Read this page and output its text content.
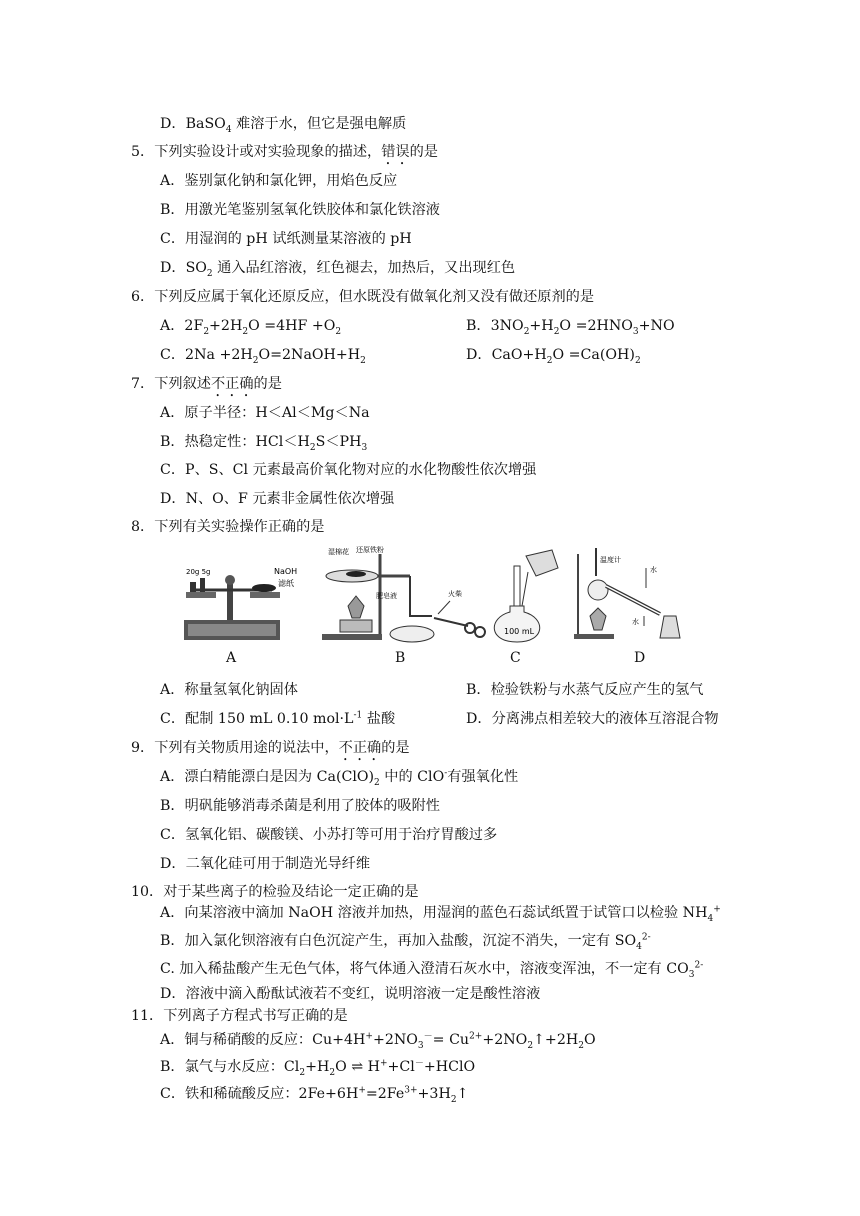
D．BaSO$_4$ 难溶于水，但它是强电解质
5．下列实验设计或对实验现象的描述，错误的是
A．鉴别氯化钠和氯化钾，用焰色反应
B．用激光笔鉴别氢氧化铁胶体和氯化铁溶液
C．用湿润的 pH 试纸测量某溶液的 pH
D．$SO_2$ 通入品红溶液，红色褪去，加热后，又出现红色
6．下列反应属于氧化还原反应，但水既没有做氧化剂又没有做还原剂的是
A．$2F_2+2H_2O =4HF +O_2$	B．$3NO_2+H_2O =2HNO_3+NO$
C．$2Na +2H_2O=2NaOH+H_2$	D．$CaO+H_2O =Ca(OH)_2$
7．下列叙述不正确的是
A．原子半径：H＜Al＜Mg＜Na
B．热稳定性：$HCl<H_2S<PH_3$
C．P、S、Cl 元素最高价氧化物对应的水化物酸性依次增强
D．N、O、F 元素非金属性依次增强
8．下列有关实验操作正确的是
20g 5g	NaOH
滤纸
湿棉花 还原铁粉
肥皂液	火柴
100 mL
温度计
水
水
A	B	C	D
A．称量氢氧化钠固体	B．检验铁粉与水蒸气反应产生的氢气
C．配制 150 mL 0.10 $mol\cdot L^{-1}$ 盐酸	D．分离沸点相差较大的液体互溶混合物
9．下列有关物质用途的说法中，不正确的是
A．漂白精能漂白是因为 $Ca(ClO)_2$ 中的 ClO-有强氧化性
B．明矾能够消毒杀菌是利用了胶体的吸附性
C．氢氧化铝、碳酸镁、小苏打等可用于治疗胃酸过多
D．二氧化硅可用于制造光导纤维
10．对于某些离子的检验及结论一定正确的是
A．向某溶液中滴加 NaOH 溶液并加热，用湿润的蓝色石蕊试纸置于试管口以检验 $NH_4^+$
B．加入氯化钡溶液有白色沉淀产生，再加入盐酸，沉淀不消失，一定有 $SO_4^{2-}$
C. 加入稀盐酸产生无色气体，将气体通入澄清石灰水中，溶液变浑浊，不一定有 $CO_3^{2-}$
D．溶液中滴入酚酞试液若不变红，说明溶液一定是酸性溶液
11．下列离子方程式书写正确的是
A．铜与稀硝酸的反应：$Cu+4H^++2NO_3^-=$ $Cu^{2+}+2NO_2↑+2H_2O$
B．氯气与水反应：$Cl_2+H_2O$ ⇌ H++Cl－+HClO
C．铁和稀硫酸反应：$2Fe+6H^+=2Fe^{3+}+3H_2↑$
